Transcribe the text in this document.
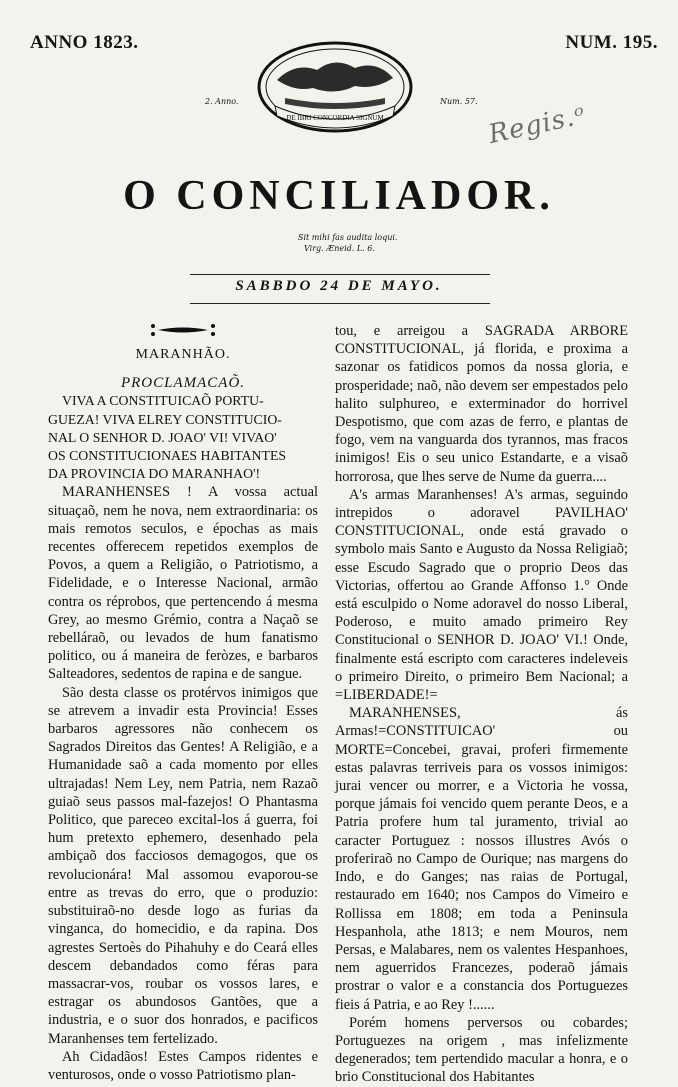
ANNO 1823.	NUM. 195.
DE IBRI CONCORDIA SIGNUM
2. Anno.	Num. 57. Regis.ᵒ
O CONCILIADOR.
Sit mihi fas audita loqui.
Virg. Æneid. L. 6.
SABBDO 24 DE MAYO.
MARANHÃO.
PROCLAMACAÕ.
VIVA A CONSTITUICAÕ PORTU-
GUEZA! VIVA ELREY CONSTITUCIO-
NAL O SENHOR D. JOAO' VI! VIVAO'
OS CONSTITUCIONAES HABITANTES
DA PROVINCIA DO MARANHAO'!

MARANHENSES ! A vossa actual situaçaõ, nem he nova, nem extraordinaria: os mais remotos seculos, e épochas as mais recentes offerecem repetidos exemplos de Povos, a quem a Religião, o Patriotismo, a Fidelidade, e o Interesse Nacional, armão contra os réprobos, que pertencendo á mesma Grey, ao mesmo Grémio, contra a Naçaõ se rebelláraõ, ou levados de hum fanatismo politico, ou á maneira de feròzes, e barbaros Salteadores, sedentos de rapina e de sangue.

São desta classe os protérvos inimigos que se atrevem a invadir esta Provincia! Esses barbaros agressores não conhecem os Sagrados Direitos das Gentes! A Religião, e a Humanidade saõ a cada momento por elles ultrajadas! Nem Ley, nem Patria, nem Razaõ guiaõ seus passos mal-fazejos! O Phantasma Politico, que pareceo excital-los á guerra, foi hum pretexto ephemero, desenhado pela ambiçaõ dos facciosos demagogos, que os revolucionára! Mal assomou evaporou-se entre as trevas do erro, que o produzio: substituiraõ-no desde logo as furias da vinganca, do homecidio, e da rapina. Dos agrestes Sertoès do Pihahuhy e do Ceará elles descem debandados como féras para massacrar-vos, roubar os vossos lares, e estragar os abundosos Gantões, que a industria, e o suor dos honrados, e pacificos Maranhenses tem fertelizado.

Ah Cidadãos! Estes Campos ridentes e venturosos, onde o vosso Patriotismo plan-

tou, e arreigou a SAGRADA ARBORE CONSTITUCIONAL, já florida, e proxima a sazonar os fatidicos pomos da nossa gloria, e prosperidade; naõ, não devem ser empestados pelo halito sulphureo, e exterminador do horrivel Despotismo, que com azas de ferro, e plantas de fogo, vem na vanguarda dos tyrannos, mas fracos inimigos! Eis o seu unico Estandarte, e a visaõ horrorosa, que lhes serve de Nume da guerra....

A's armas Maranhenses! A's armas, seguindo intrepidos o adoravel PAVILHAO' CONSTITUCIONAL, onde está gravado o symbolo mais Santo e Augusto da Nossa Religiaõ; esse Escudo Sagrado que o proprio Deos das Victorias, offertou ao Grande Affonso 1.° Onde está esculpido o Nome adoravel do nosso Liberal, Poderoso, e muito amado primeiro Rey Constitucional o SENHOR D. JOAO' VI.! Onde, finalmente está escripto com caracteres indeleveis o primeiro Direito, o primeiro Bem Nacional; a =LIBERDADE!=

MARANHENSES, ás Armas!=CONSTITUICAO' ou MORTE=Concebei, gravai, proferi firmemente estas palavras terriveis para os vossos inimigos: jurai vencer ou morrer, e a Victoria he vossa, porque jámais foi vencido quem perante Deos, e a Patria profere hum tal juramento, trivial ao caracter Portuguez : nossos illustres Avós o proferiraõ no Campo de Ourique; nas margens do Indo, e do Ganges; nas raias de Portugal, restaurado em 1640; nos Campos do Vimeiro e Rollissa em 1808; em toda a Peninsula Hespanhola, athe 1813; e nem Mouros, nem Persas, e Malabares, nem os valentes Hespanhoes, nem aguerridos Francezes, poderaõ jámais prostrar o valor e a constancia dos Portuguezes fieis á Patria, e ao Rey !......

Porém homens perversos ou cobardes; Portuguezes na origem , mas infelizmente degenerados; tem pertendido macular a honra, e o brio Constitucional dos Habitantes
